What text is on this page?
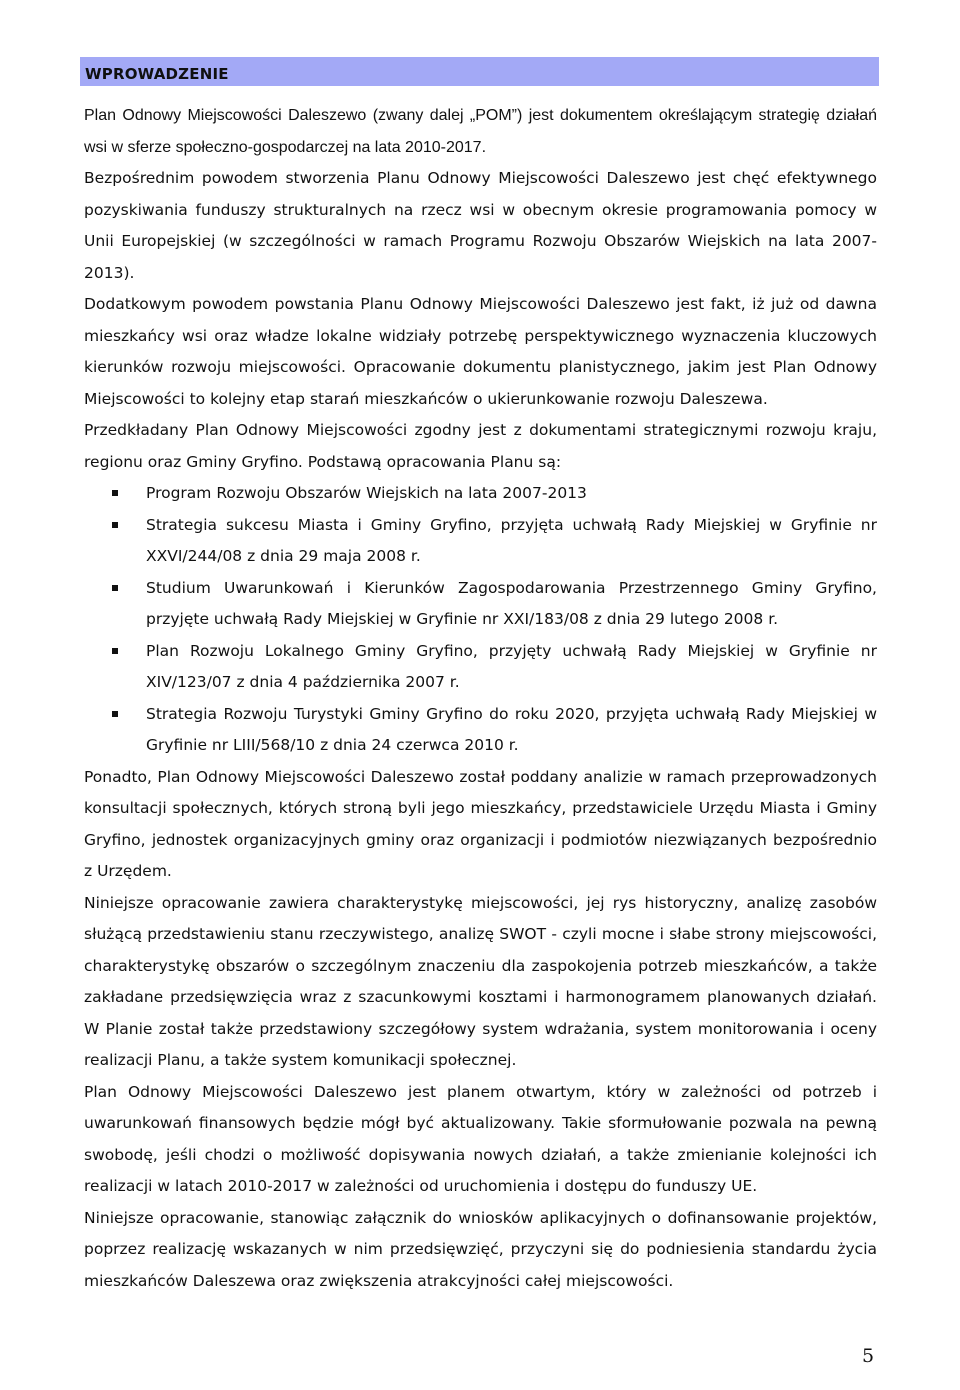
WPROWADZENIE

Plan Odnowy Miejscowości Daleszewo (zwany dalej „POM”) jest dokumentem określającym strategię działań wsi w sferze społeczno-gospodarczej na lata 2010-2017.

Bezpośrednim powodem stworzenia Planu Odnowy Miejscowości Daleszewo jest chęć efektywnego pozyskiwania funduszy strukturalnych na rzecz wsi w obecnym okresie programowania pomocy w Unii Europejskiej (w szczególności w ramach Programu Rozwoju Obszarów Wiejskich na lata 2007-2013).

Dodatkowym powodem powstania Planu Odnowy Miejscowości Daleszewo jest fakt, iż już od dawna mieszkańcy wsi oraz władze lokalne widziały potrzebę perspektywicznego wyznaczenia kluczowych kierunków rozwoju miejscowości. Opracowanie dokumentu planistycznego, jakim jest Plan Odnowy Miejscowości to kolejny etap starań mieszkańców o ukierunkowanie rozwoju Daleszewa.

Przedkładany Plan Odnowy Miejscowości zgodny jest z dokumentami strategicznymi rozwoju kraju, regionu oraz Gminy Gryfino. Podstawą opracowania Planu są:

Program Rozwoju Obszarów Wiejskich na lata 2007-2013
Strategia sukcesu Miasta i Gminy Gryfino, przyjęta uchwałą Rady Miejskiej w Gryfinie nr XXVI/244/08 z dnia 29 maja 2008 r.
Studium Uwarunkowań i Kierunków Zagospodarowania Przestrzennego Gminy Gryfino, przyjęte uchwałą Rady Miejskiej w Gryfinie nr XXI/183/08 z dnia 29 lutego 2008 r.
Plan Rozwoju Lokalnego Gminy Gryfino, przyjęty uchwałą Rady Miejskiej w Gryfinie nr XIV/123/07 z dnia 4 października 2007 r.
Strategia Rozwoju Turystyki Gminy Gryfino do roku 2020, przyjęta uchwałą Rady Miejskiej w Gryfinie nr LIII/568/10 z dnia 24 czerwca 2010 r.

Ponadto, Plan Odnowy Miejscowości Daleszewo został poddany analizie w ramach przeprowadzonych konsultacji społecznych, których stroną byli jego mieszkańcy, przedstawiciele Urzędu Miasta i Gminy Gryfino, jednostek organizacyjnych gminy oraz organizacji i podmiotów niezwiązanych bezpośrednio z Urzędem.

Niniejsze opracowanie zawiera charakterystykę miejscowości, jej rys historyczny, analizę zasobów służącą przedstawieniu stanu rzeczywistego, analizę SWOT - czyli mocne i słabe strony miejscowości, charakterystykę obszarów o szczególnym znaczeniu dla zaspokojenia potrzeb mieszkańców, a także zakładane przedsięwzięcia wraz z szacunkowymi kosztami i harmonogramem planowanych działań. W Planie został także przedstawiony szczegółowy system wdrażania, system monitorowania i oceny realizacji Planu, a także system komunikacji społecznej.

Plan Odnowy Miejscowości Daleszewo jest planem otwartym, który w zależności od potrzeb i uwarunkowań finansowych będzie mógł być aktualizowany. Takie sformułowanie pozwala na pewną swobodę, jeśli chodzi o możliwość dopisywania nowych działań, a także zmienianie kolejności ich realizacji w latach 2010-2017 w zależności od uruchomienia i dostępu do funduszy UE.

Niniejsze opracowanie, stanowiąc załącznik do wniosków aplikacyjnych o dofinansowanie projektów, poprzez realizację wskazanych w nim przedsięwzięć, przyczyni się do podniesienia standardu życia mieszkańców Daleszewa oraz zwiększenia atrakcyjności całej miejscowości.

5
